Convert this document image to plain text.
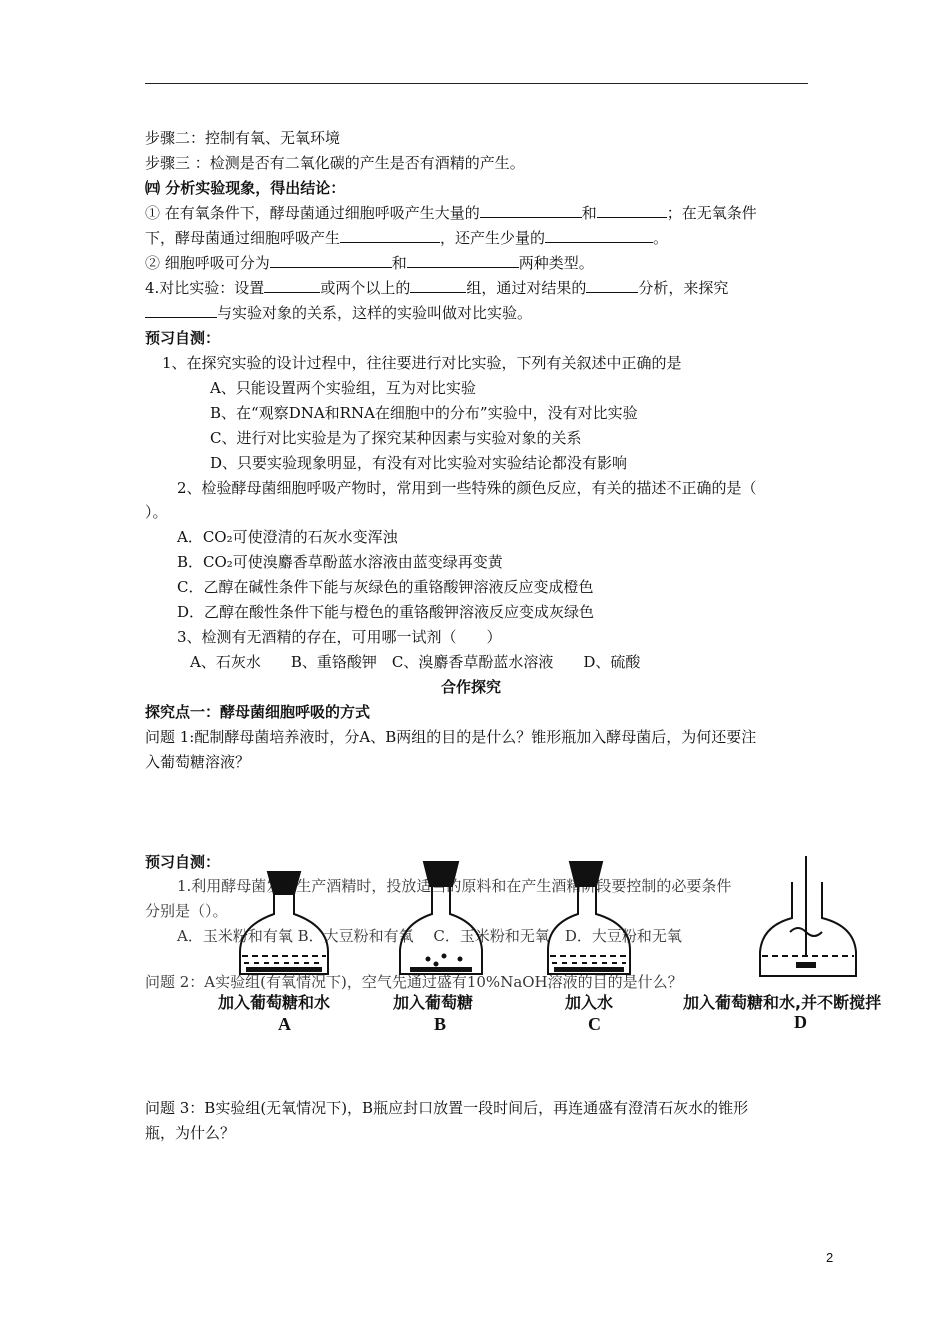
步骤二：控制有氧、无氧环境
步骤三 ：检测是否有二氧化碳的产生是否有酒精的产生。
㈣ 分析实验现象，得出结论：
① 在有氧条件下，酵母菌通过细胞呼吸产生大量的	和	；在无氧条件
下，酵母菌通过细胞呼吸产生	，还产生少量的	。
② 细胞呼吸可分为	和	两种类型。
4.对比实验：设置	或两个以上的	组，通过对结果的	分析，来探究
与实验对象的关系，这样的实验叫做对比实验。
预习自测：
1、在探究实验的设计过程中，往往要进行对比实验，下列有关叙述中正确的是
A、只能设置两个实验组，互为对比实验
B、在“观察DNA和RNA在细胞中的分布”实验中，没有对比实验
C、进行对比实验是为了探究某种因素与实验对象的关系
D、只要实验现象明显，有没有对比实验对实验结论都没有影响
2、检验酵母菌细胞呼吸产物时，常用到一些特殊的颜色反应，有关的描述不正确的是（
）。
A．CO₂可使澄清的石灰水变浑浊
B．CO₂可使溴麝香草酚蓝水溶液由蓝变绿再变黄
C．乙醇在碱性条件下能与灰绿色的重铬酸钾溶液反应变成橙色
D．乙醇在酸性条件下能与橙色的重铬酸钾溶液反应变成灰绿色
3、检测有无酒精的存在，可用哪一试剂（　　）
A、石灰水　　B、重铬酸钾　C、溴麝香草酚蓝水溶液　　D、硫酸
合作探究
探究点一：酵母菌细胞呼吸的方式
问题 1:配制酵母菌培养液时，分A、B两组的目的是什么？锥形瓶加入酵母菌后，为何还要注
入葡萄糖溶液？
预习自测：
1.利用酵母菌发酵生产酒精时，投放适当的原料和在产生酒精阶段要控制的必要条件
分别是（）。
A．玉米粉和有氧 B．大豆粉和有氧　 C．玉米粉和无氧　D．大豆粉和无氧
问题 2：A实验组(有氧情况下)，空气先通过盛有10%NaOH溶液的目的是什么？
加入葡萄糖和水	加入葡萄糖	加入水	加入葡萄糖和水,并不断搅拌
A	B	C	D
问题 3：B实验组(无氧情况下)，B瓶应封口放置一段时间后，再连通盛有澄清石灰水的锥形
瓶，为什么？
2
